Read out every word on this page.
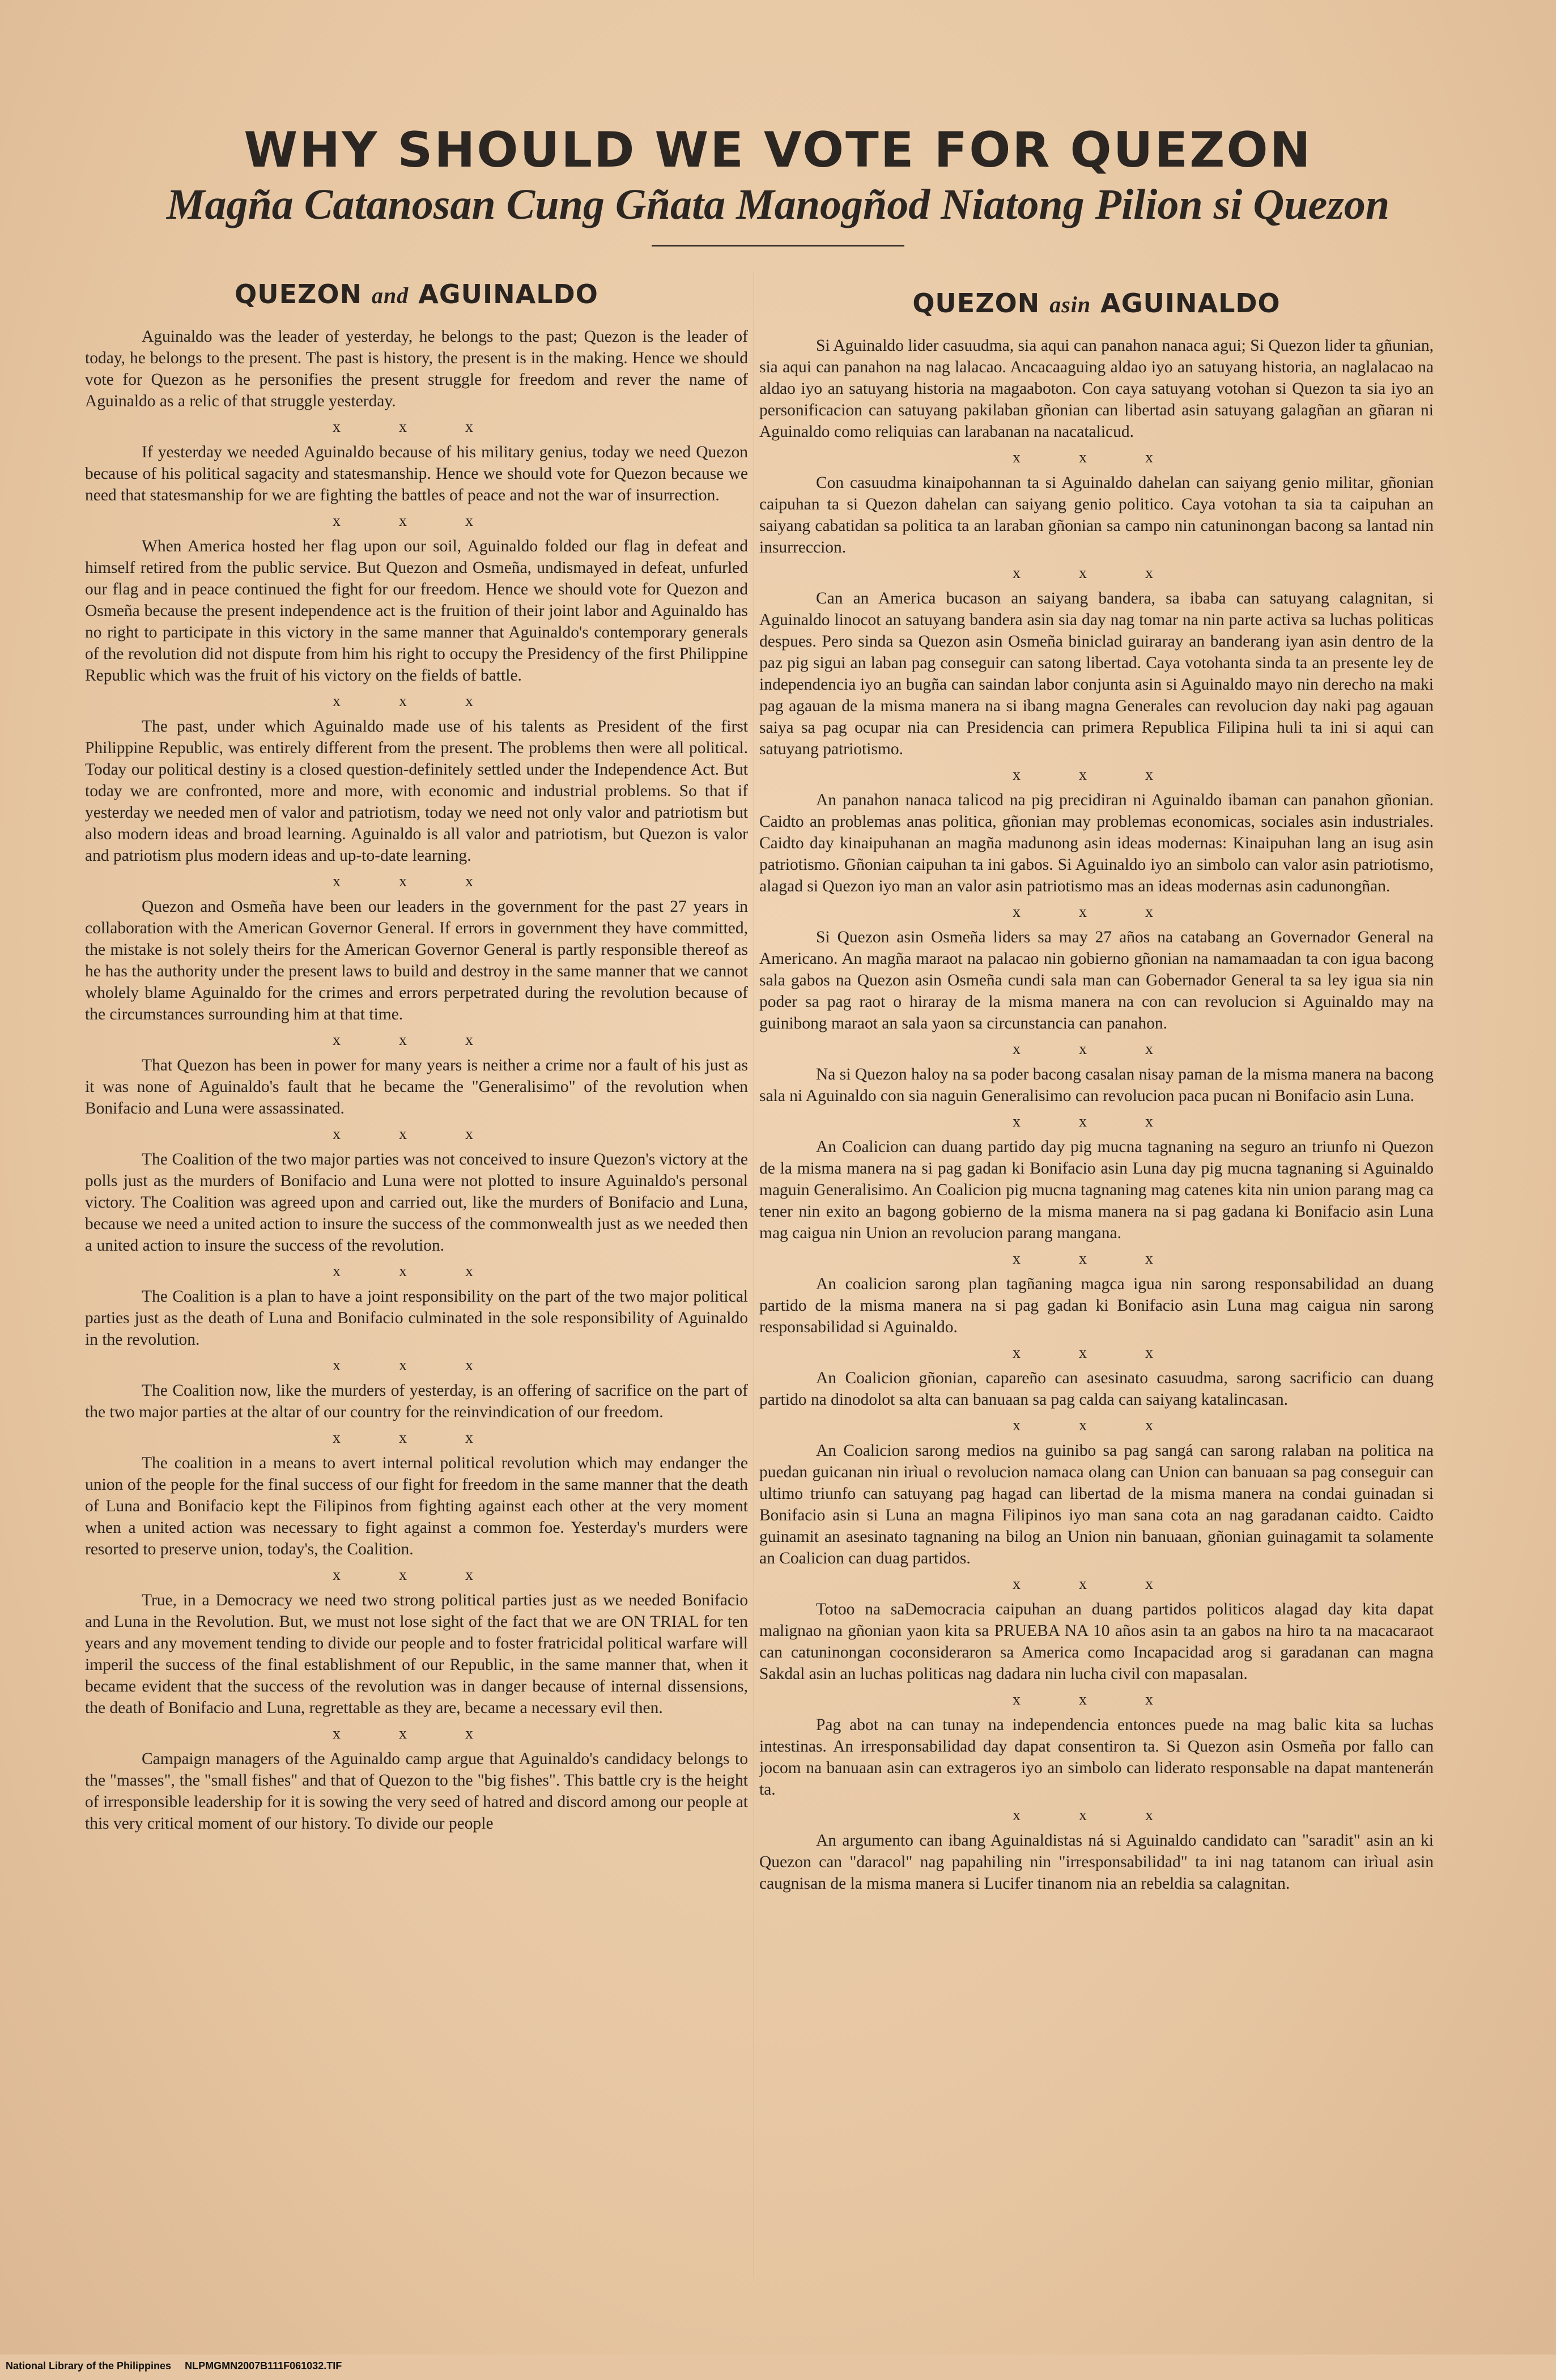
WHY SHOULD WE VOTE FOR QUEZON
Magña Catanosan Cung Gñata Manogñod Niatong Pilion si Quezon
QUEZON and AGUINALDO

Aguinaldo was the leader of yesterday, he belongs to the past; Quezon is the leader of today, he belongs to the present. The past is history, the present is in the making. Hence we should vote for Quezon as he personifies the present struggle for freedom and rever the name of Aguinaldo as a relic of that struggle yesterday.

x x x

If yesterday we needed Aguinaldo because of his military genius, today we need Quezon because of his political sagacity and statesmanship. Hence we should vote for Quezon because we need that statesmanship for we are fighting the battles of peace and not the war of insurrection.

x x x

When America hosted her flag upon our soil, Aguinaldo folded our flag in defeat and himself retired from the public service. But Quezon and Osmeña, undismayed in defeat, unfurled our flag and in peace continued the fight for our freedom. Hence we should vote for Quezon and Osmeña because the present independence act is the fruition of their joint labor and Aguinaldo has no right to participate in this victory in the same manner that Aguinaldo's contemporary generals of the revolution did not dispute from him his right to occupy the Presidency of the first Philippine Republic which was the fruit of his victory on the fields of battle.

x x x

The past, under which Aguinaldo made use of his talents as President of the first Philippine Republic, was entirely different from the present. The problems then were all political. Today our political destiny is a closed question-definitely settled under the Independence Act. But today we are confronted, more and more, with economic and industrial problems. So that if yesterday we needed men of valor and patriotism, today we need not only valor and patriotism but also modern ideas and broad learning. Aguinaldo is all valor and patriotism, but Quezon is valor and patriotism plus modern ideas and up-to-date learning.

x x x

Quezon and Osmeña have been our leaders in the government for the past 27 years in collaboration with the American Governor General. If errors in government they have committed, the mistake is not solely theirs for the American Governor General is partly responsible thereof as he has the authority under the present laws to build and destroy in the same manner that we cannot wholely blame Aguinaldo for the crimes and errors perpetrated during the revolution because of the circumstances surrounding him at that time.

x x x

That Quezon has been in power for many years is neither a crime nor a fault of his just as it was none of Aguinaldo's fault that he became the "Generalisimo" of the revolution when Bonifacio and Luna were assassinated.

x x x

The Coalition of the two major parties was not conceived to insure Quezon's victory at the polls just as the murders of Bonifacio and Luna were not plotted to insure Aguinaldo's personal victory. The Coalition was agreed upon and carried out, like the murders of Bonifacio and Luna, because we need a united action to insure the success of the commonwealth just as we needed then a united action to insure the success of the revolution.

x x x

The Coalition is a plan to have a joint responsibility on the part of the two major political parties just as the death of Luna and Bonifacio culminated in the sole responsibility of Aguinaldo in the revolution.

x x x

The Coalition now, like the murders of yesterday, is an offering of sacrifice on the part of the two major parties at the altar of our country for the reinvindication of our freedom.

x x x

The coalition in a means to avert internal political revolution which may endanger the union of the people for the final success of our fight for freedom in the same manner that the death of Luna and Bonifacio kept the Filipinos from fighting against each other at the very moment when a united action was necessary to fight against a common foe. Yesterday's murders were resorted to preserve union, today's, the Coalition.

x x x

True, in a Democracy we need two strong political parties just as we needed Bonifacio and Luna in the Revolution. But, we must not lose sight of the fact that we are ON TRIAL for ten years and any movement tending to divide our people and to foster fratricidal political warfare will imperil the success of the final establishment of our Republic, in the same manner that, when it became evident that the success of the revolution was in danger because of internal dissensions, the death of Bonifacio and Luna, regrettable as they are, became a necessary evil then.

x x x

Campaign managers of the Aguinaldo camp argue that Aguinaldo's candidacy belongs to the "masses", the "small fishes" and that of Quezon to the "big fishes". This battle cry is the height of irresponsible leadership for it is sowing the very seed of hatred and discord among our people at this very critical moment of our history. To divide our people

QUEZON asin AGUINALDO

Si Aguinaldo lider casuudma, sia aqui can panahon nanaca agui; Si Quezon lider ta gñunian, sia aqui can panahon na nag lalacao. Ancacaaguing aldao iyo an satuyang historia, an naglalacao na aldao iyo an satuyang historia na magaaboton. Con caya satuyang votohan si Quezon ta sia iyo an personificacion can satuyang pakilaban gñonian can libertad asin satuyang galagñan an gñaran ni Aguinaldo como reliquias can larabanan na nacatalicud.

x x x

Con casuudma kinaipohannan ta si Aguinaldo dahelan can saiyang genio militar, gñonian caipuhan ta si Quezon dahelan can saiyang genio politico. Caya votohan ta sia ta caipuhan an saiyang cabatidan sa politica ta an laraban gñonian sa campo nin catuninongan bacong sa lantad nin insurreccion.

x x x

Can an America bucason an saiyang bandera, sa ibaba can satuyang calagnitan, si Aguinaldo linocot an satuyang bandera asin sia day nag tomar na nin parte activa sa luchas politicas despues. Pero sinda sa Quezon asin Osmeña biniclad guiraray an banderang iyan asin dentro de la paz pig sigui an laban pag conseguir can satong libertad. Caya votohanta sinda ta an presente ley de independencia iyo an bugña can saindan labor conjunta asin si Aguinaldo mayo nin derecho na maki pag agauan de la misma manera na si ibang magna Generales can revolucion day naki pag agauan saiya sa pag ocupar nia can Presidencia can primera Republica Filipina huli ta ini si aqui can satuyang patriotismo.

x x x

An panahon nanaca talicod na pig precidiran ni Aguinaldo ibaman can panahon gñonian. Caidto an problemas anas politica, gñonian may problemas economicas, sociales asin industriales. Caidto day kinaipuhanan an magña madunong asin ideas modernas: Kinaipuhan lang an isug asin patriotismo. Gñonian caipuhan ta ini gabos. Si Aguinaldo iyo an simbolo can valor asin patriotismo, alagad si Quezon iyo man an valor asin patriotismo mas an ideas modernas asin cadunongñan.

x x x

Si Quezon asin Osmeña liders sa may 27 años na catabang an Governador General na Americano. An magña maraot na palacao nin gobierno gñonian na namamaadan ta con igua bacong sala gabos na Quezon asin Osmeña cundi sala man can Gobernador General ta sa ley igua sia nin poder sa pag raot o hiraray de la misma manera na con can revolucion si Aguinaldo may na guinibong maraot an sala yaon sa circunstancia can panahon.

x x x

Na si Quezon haloy na sa poder bacong casalan nisay paman de la misma manera na bacong sala ni Aguinaldo con sia naguin Generalisimo can revolucion paca pucan ni Bonifacio asin Luna.

x x x

An Coalicion can duang partido day pig mucna tagnaning na seguro an triunfo ni Quezon de la misma manera na si pag gadan ki Bonifacio asin Luna day pig mucna tagnaning si Aguinaldo maguin Generalisimo. An Coalicion pig mucna tagnaning mag catenes kita nin union parang mag ca tener nin exito an bagong gobierno de la misma manera na si pag gadana ki Bonifacio asin Luna mag caigua nin Union an revolucion parang mangana.

x x x

An coalicion sarong plan tagñaning magca igua nin sarong responsabilidad an duang partido de la misma manera na si pag gadan ki Bonifacio asin Luna mag caigua nin sarong responsabilidad si Aguinaldo.

x x x

An Coalicion gñonian, capareño can asesinato casuudma, sarong sacrificio can duang partido na dinodolot sa alta can banuaan sa pag calda can saiyang katalincasan.

x x x

An Coalicion sarong medios na guinibo sa pag sangá can sarong ralaban na politica na puedan guicanan nin irìual o revolucion namaca olang can Union can banuaan sa pag conseguir can ultimo triunfo can satuyang pag hagad can libertad de la misma manera na condai guinadan si Bonifacio asin si Luna an magna Filipinos iyo man sana cota an nag garadanan caidto. Caidto guinamit an asesinato tagnaning na bilog an Union nin banuaan, gñonian guinagamit ta solamente an Coalicion can duag partidos.

x x x

Totoo na saDemocracia caipuhan an duang partidos politicos alagad day kita dapat malignao na gñonian yaon kita sa PRUEBA NA 10 años asin ta an gabos na hiro ta na macacaraot can catuninongan coconsideraron sa America como Incapacidad arog si garadanan can magna Sakdal asin an luchas politicas nag dadara nin lucha civil con mapasalan.

x x x

Pag abot na can tunay na independencia entonces puede na mag balic kita sa luchas intestinas. An irresponsabilidad day dapat consentiron ta. Si Quezon asin Osmeña por fallo can jocom na banuaan asin can extrageros iyo an simbolo can liderato responsable na dapat mantenerán ta.

x x x

An argumento can ibang Aguinaldistas ná si Aguinaldo candidato can "saradit" asin an ki Quezon can "daracol" nag papahiling nin "irresponsabilidad" ta ini nag tatanom can irìual asin caugnisan de la misma manera si Lucifer tinanom nia an rebeldia sa calagnitan.

National Library of the Philippines NLPMGMN2007B111F061032.TIF
